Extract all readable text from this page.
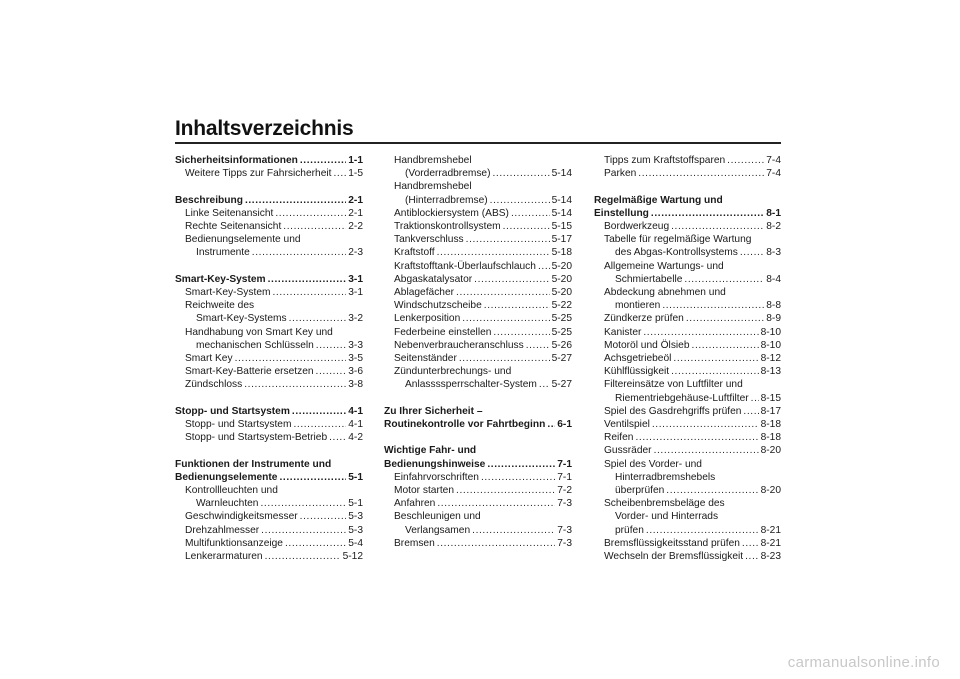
Inhaltsverzeichnis
Sicherheitsinformationen .....	1-1
Weitere Tipps zur Fahrsicherheit ..... 1-5
Beschreibung .....	2-1
Linke Seitenansicht .....	2-1
Rechte Seitenansicht .....	2-2
Bedienungselemente und
Instrumente .....	2-3
Smart-Key-System .....	3-1
Smart-Key-System .....	3-1
Reichweite des
Smart-Key-Systems .....	3-2
Handhabung von Smart Key und
mechanischen Schlüsseln .....	3-3
Smart Key .....	3-5
Smart-Key-Batterie ersetzen .....	3-6
Zündschloss .....	3-8
Stopp- und Startsystem .....	4-1
Stopp- und Startsystem .....	4-1
Stopp- und Startsystem-Betrieb ..... 4-2
Funktionen der Instrumente und
Bedienungselemente .....	5-1
Kontrollleuchten und
Warnleuchten .....	5-1
Geschwindigkeitsmesser .....	5-3
Drehzahlmesser .....	5-3
Multifunktionsanzeige .....	5-4
Lenkerarmaturen .....	5-12
Handbremshebel
(Vorderradbremse) .....	5-14
Handbremshebel
(Hinterradbremse) .....	5-14
Antiblockiersystem (ABS) .....	5-14
Traktionskontrollsystem .....	5-15
Tankverschluss .....	5-17
Kraftstoff .....	5-18
Kraftstofftank-Überlaufschlauch ..... 5-20
Abgaskatalysator .....	5-20
Ablagefächer .....	5-20
Windschutzscheibe .....	5-22
Lenkerposition .....	5-25
Federbeine einstellen .....	5-25
Nebenverbraucheranschluss .....	5-26
Seitenständer .....	5-27
Zündunterbrechungs- und
Anlassssperrschalter-System ..... 5-27
Zu Ihrer Sicherheit –
Routinekontrolle vor Fahrtbeginn ..... 6-1
Wichtige Fahr- und
Bedienungshinweise .....	7-1
Einfahrvorschriften .....	7-1
Motor starten .....	7-2
Anfahren .....	7-3
Beschleunigen und
Verlangsamen .....	7-3
Bremsen .....	7-3
Tipps zum Kraftstoffsparen .....	7-4
Parken .....	7-4
Regelmäßige Wartung und
Einstellung .....	8-1
Bordwerkzeug .....	8-2
Tabelle für regelmäßige Wartung
des Abgas-Kontrollsystems .....	8-3
Allgemeine Wartungs- und
Schmiertabelle .....	8-4
Abdeckung abnehmen und
montieren .....	8-8
Zündkerze prüfen .....	8-9
Kanister .....	8-10
Motoröl und Ölsieb .....	8-10
Achsgetriebeöl .....	8-12
Kühlflüssigkeit .....	8-13
Filtereinsätze von Luftfilter und
Riementriebgehäuse-Luftfilter ..... 8-15
Spiel des Gasdrehgriffs prüfen ..... 8-17
Ventilspiel .....	8-18
Reifen .....	8-18
Gussräder .....	8-20
Spiel des Vorder- und
Hinterradbremshebels
überprüfen .....	8-20
Scheibenbremsbeläge des
Vorder- und Hinterrads
prüfen .....	8-21
Bremsflüssigkeitsstand prüfen ..... 8-21
Wechseln der Bremsflüssigkeit ..... 8-23
carmanualsonline.info
